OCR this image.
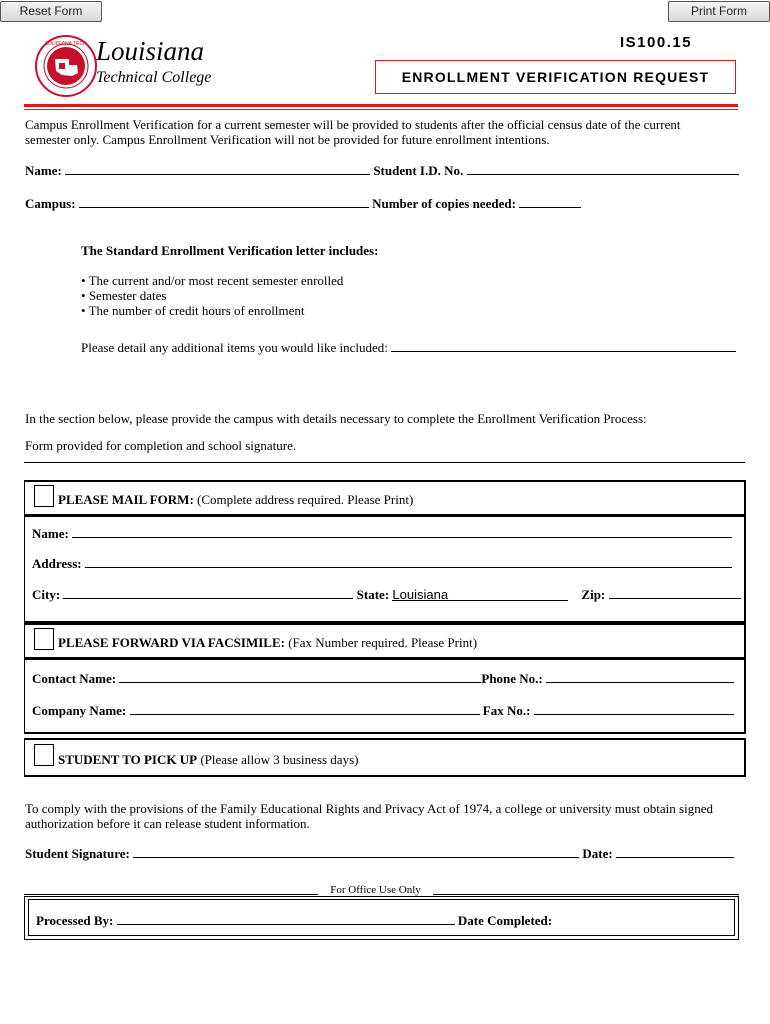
Reset Form	Print Form
LOUISIANA TECH Louisiana
Technical College
IS100.15
ENROLLMENT VERIFICATION REQUEST
Campus Enrollment Verification for a current semester will be provided to students after the official census date of the current semester only. Campus Enrollment Verification will not be provided for future enrollment intentions.
Name:	Student I.D. No.
Campus:	Number of copies needed:
The Standard Enrollment Verification letter includes:
• The current and/or most recent semester enrolled
• Semester dates
• The number of credit hours of enrollment
Please detail any additional items you would like included:
In the section below, please provide the campus with details necessary to complete the Enrollment Verification Process:
Form provided for completion and school signature.
PLEASE MAIL FORM: (Complete address required. Please Print)
Name:
Address:
City:	State: Louisiana	Zip:
PLEASE FORWARD VIA FACSIMILE: (Fax Number required. Please Print)
Contact Name:	Phone No.:
Company Name:	Fax No.:
STUDENT TO PICK UP (Please allow 3 business days)
To comply with the provisions of the Family Educational Rights and Privacy Act of 1974, a college or university must obtain signed authorization before it can release student information.
Student Signature:	Date:
For Office Use Only
Processed By:	Date Completed:
